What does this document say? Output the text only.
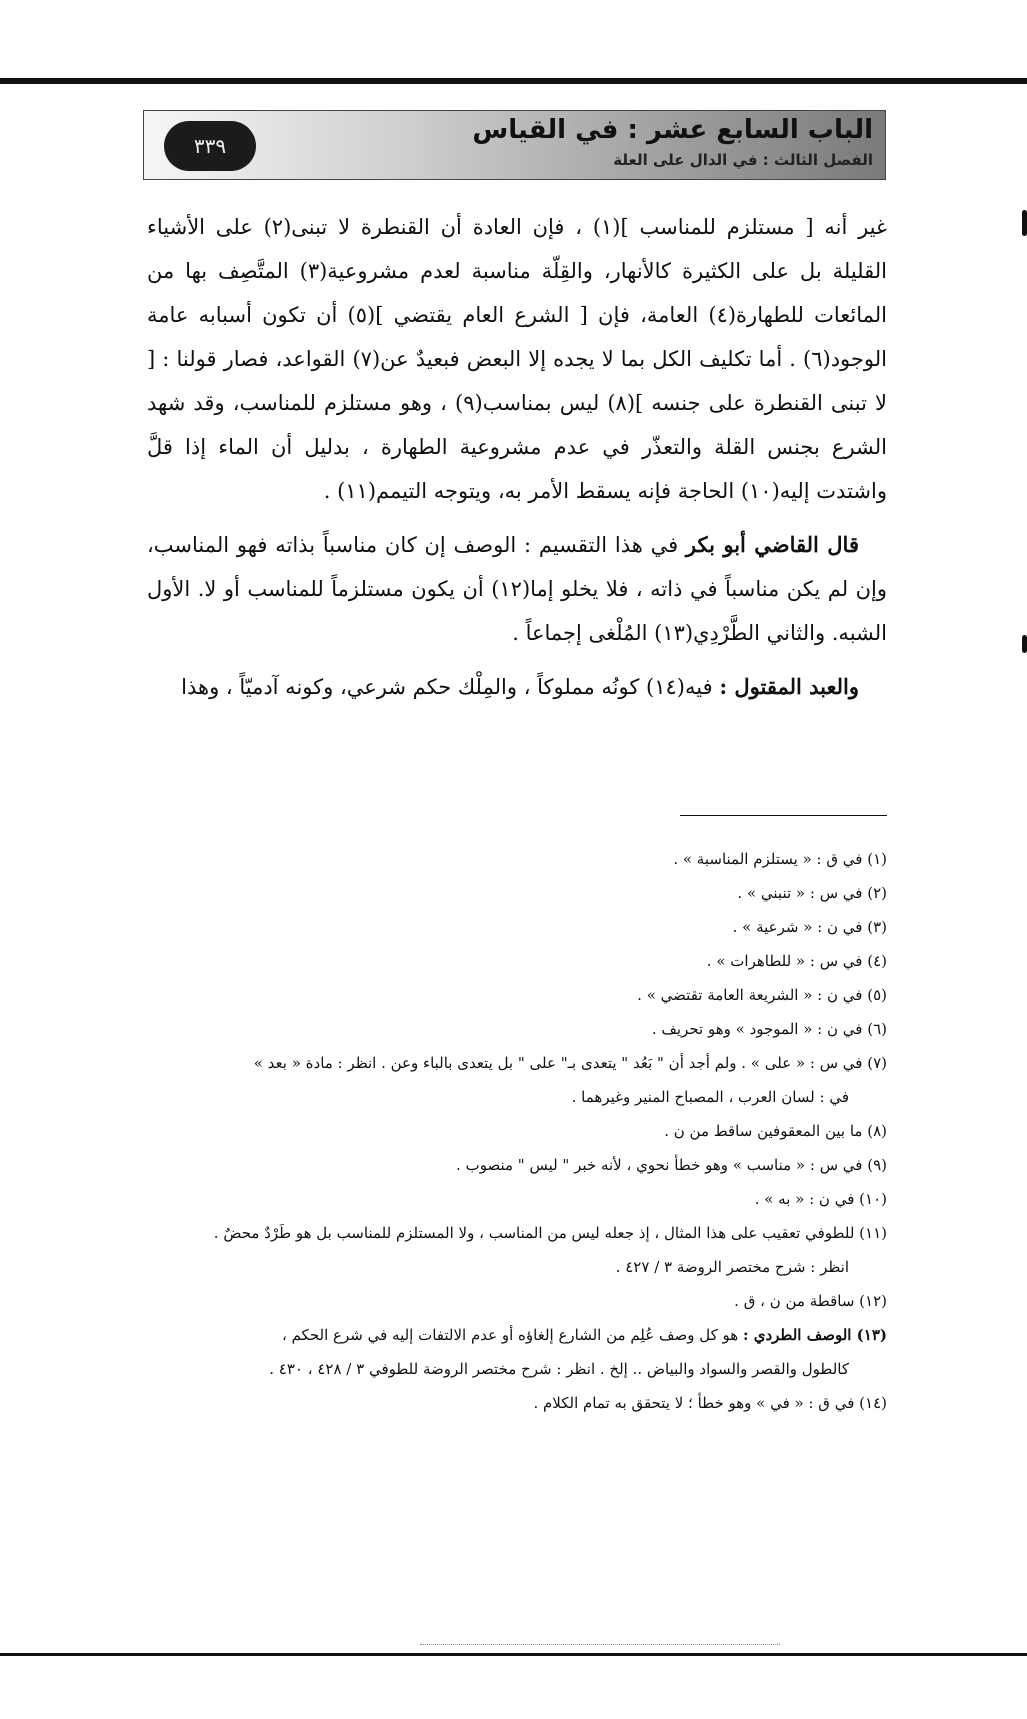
٣٣٩
الباب السابع عشر : في القياس
الفصل الثالث : في الدال على العلة

غير أنه [ مستلزم للمناسب ](١) ، فإن العادة أن القنطرة لا تبنى(٢) على الأشياء القليلة بل على الكثيرة كالأنهار، والقِلّة مناسبة لعدم مشروعية(٣) المتَّصِف بها من المائعات للطهارة(٤) العامة، فإن [ الشرع العام يقتضي ](٥) أن تكون أسبابه عامة الوجود(٦) . أما تكليف الكل بما لا يجده إلا البعض فبعيدٌ عن(٧) القواعد، فصار قولنا : [ لا تبنى القنطرة على جنسه ](٨) ليس بمناسب(٩) ، وهو مستلزم للمناسب، وقد شهد الشرع بجنس القلة والتعذّر في عدم مشروعية الطهارة ، بدليل أن الماء إذا قلَّ واشتدت إليه(١٠) الحاجة فإنه يسقط الأمر به، ويتوجه التيمم(١١) .

قال القاضي أبو بكر في هذا التقسيم : الوصف إن كان مناسباً بذاته فهو المناسب، وإن لم يكن مناسباً في ذاته ، فلا يخلو إما(١٢) أن يكون مستلزماً للمناسب أو لا. الأول الشبه. والثاني الطَّرْدِي(١٣) المُلْغى إجماعاً .

والعبد المقتول : فيه(١٤) كونُه مملوكاً ، والمِلْك حكم شرعي، وكونه آدميّاً ، وهذا

(١) في ق : « يستلزم المناسبة » .

(٢) في س : « تنبني » .

(٣) في ن : « شرعية » .

(٤) في س : « للطاهرات » .

(٥) في ن : « الشريعة العامة تقتضي » .

(٦) في ن : « الموجود » وهو تحريف .

(٧) في س : « على » . ولم أجد أن " بَعُد " يتعدى بـ" على " بل يتعدى بالباء وعن . انظر : مادة « بعد »

في : لسان العرب ، المصباح المنير وغيرهما .

(٨) ما بين المعقوفين ساقط من ن .

(٩) في س : « مناسب » وهو خطأ نحوي ، لأنه خبر " ليس " منصوب .

(١٠) في ن : « به » .

(١١) للطوفي تعقيب على هذا المثال ، إذ جعله ليس من المناسب ، ولا المستلزم للمناسب بل هو طَرْدٌ محضٌ .

انظر : شرح مختصر الروضة ٣ / ٤٢٧ .

(١٢) ساقطة من ن ، ق .

(١٣) الوصف الطردي : هو كل وصف عُلِم من الشارع إلغاؤه أو عدم الالتفات إليه في شرع الحكم ،

كالطول والقصر والسواد والبياض .. إلخ . انظر : شرح مختصر الروضة للطوفي ٣ / ٤٢٨ ، ٤٣٠ .

(١٤) في ق : « في » وهو خطأ ؛ لا يتحقق به تمام الكلام .
